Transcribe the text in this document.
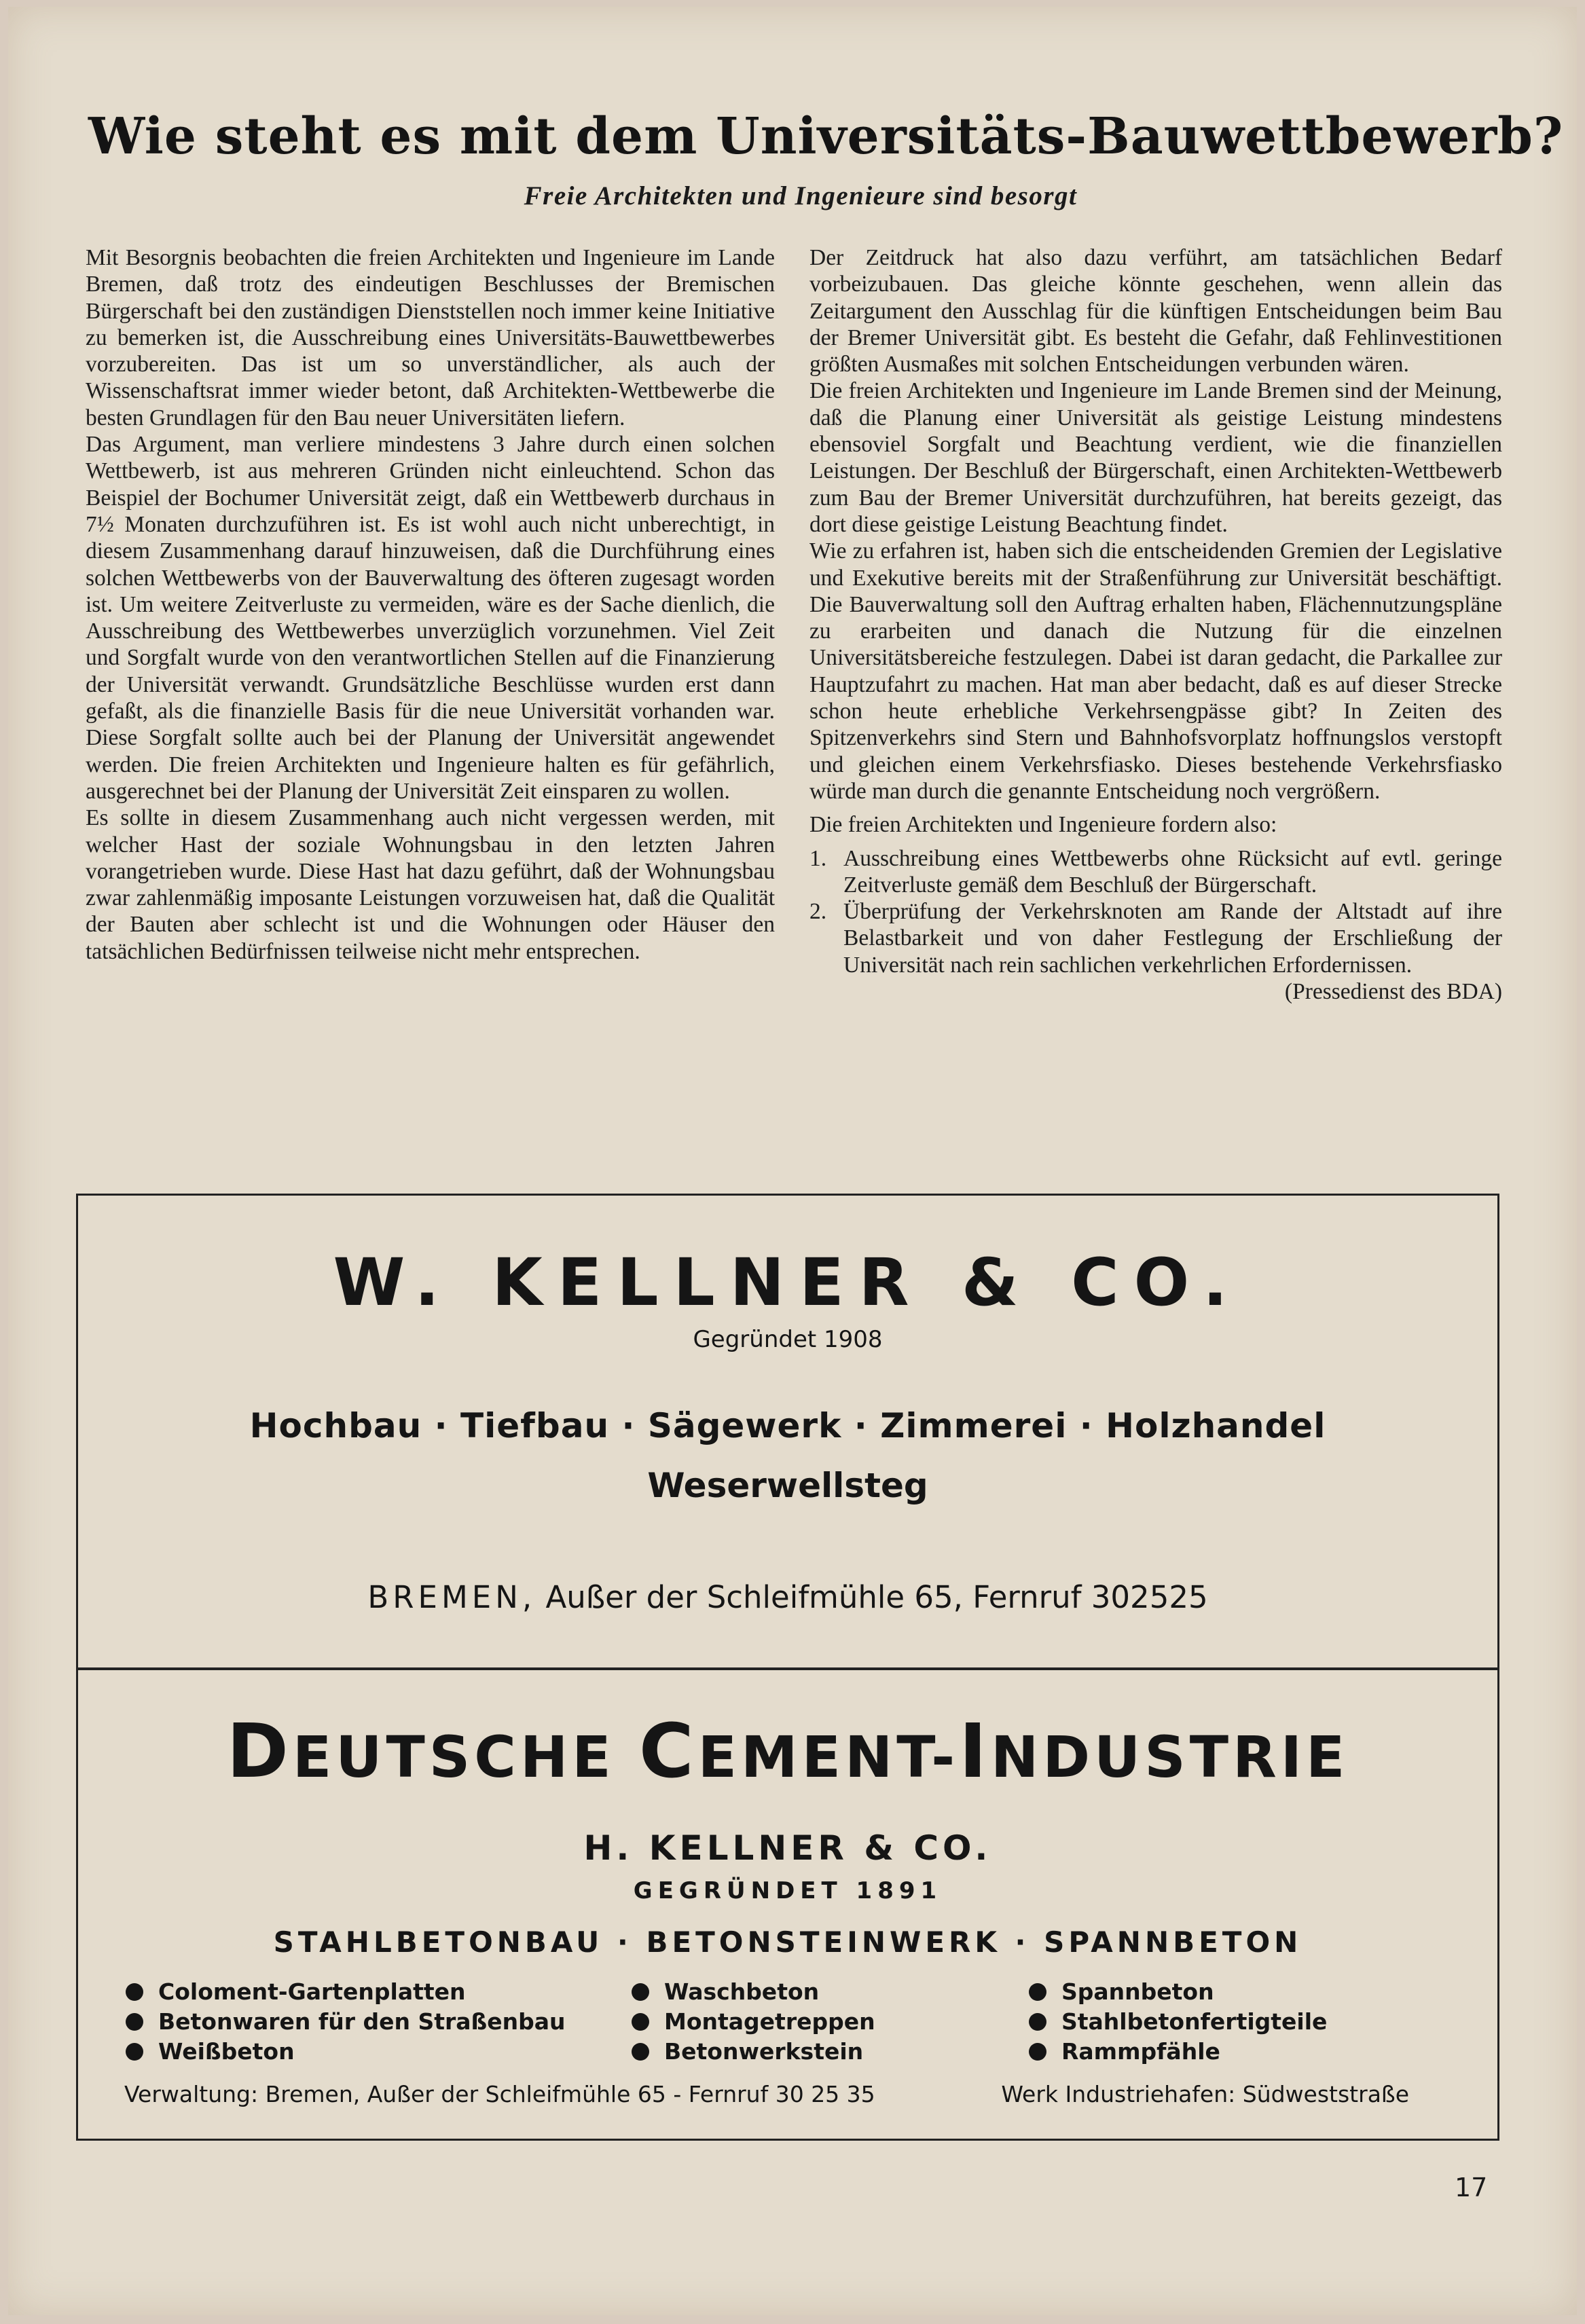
Wie steht es mit dem Universitäts-Bauwettbewerb?
Freie Architekten und Ingenieure sind besorgt

Mit Besorgnis beobachten die freien Architekten und Ingenieure im Lande Bremen, daß trotz des eindeutigen Beschlusses der Bremischen Bürgerschaft bei den zuständigen Dienststellen noch immer keine Initiative zu bemerken ist, die Ausschreibung eines Universitäts-Bauwettbewerbes vorzubereiten. Das ist um so unverständlicher, als auch der Wissenschaftsrat immer wieder betont, daß Architekten-Wettbewerbe die besten Grundlagen für den Bau neuer Universitäten liefern.

Das Argument, man verliere mindestens 3 Jahre durch einen solchen Wettbewerb, ist aus mehreren Gründen nicht einleuchtend. Schon das Beispiel der Bochumer Universität zeigt, daß ein Wettbewerb durchaus in 7½ Monaten durchzuführen ist. Es ist wohl auch nicht unberechtigt, in diesem Zusammenhang darauf hinzuweisen, daß die Durchführung eines solchen Wettbewerbs von der Bauverwaltung des öfteren zugesagt worden ist. Um weitere Zeitverluste zu vermeiden, wäre es der Sache dienlich, die Ausschreibung des Wettbewerbes unverzüglich vorzunehmen. Viel Zeit und Sorgfalt wurde von den verantwortlichen Stellen auf die Finanzierung der Universität verwandt. Grundsätzliche Beschlüsse wurden erst dann gefaßt, als die finanzielle Basis für die neue Universität vorhanden war. Diese Sorgfalt sollte auch bei der Planung der Universität angewendet werden. Die freien Architekten und Ingenieure halten es für gefährlich, ausgerechnet bei der Planung der Universität Zeit einsparen zu wollen.

Es sollte in diesem Zusammenhang auch nicht vergessen werden, mit welcher Hast der soziale Wohnungsbau in den letzten Jahren vorangetrieben wurde. Diese Hast hat dazu geführt, daß der Wohnungsbau zwar zahlenmäßig imposante Leistungen vorzuweisen hat, daß die Qualität der Bauten aber schlecht ist und die Wohnungen oder Häuser den tatsächlichen Bedürfnissen teilweise nicht mehr entsprechen.

Der Zeitdruck hat also dazu verführt, am tatsächlichen Bedarf vorbeizubauen. Das gleiche könnte geschehen, wenn allein das Zeitargument den Ausschlag für die künftigen Entscheidungen beim Bau der Bremer Universität gibt. Es besteht die Gefahr, daß Fehlinvestitionen größten Ausmaßes mit solchen Entscheidungen verbunden wären.

Die freien Architekten und Ingenieure im Lande Bremen sind der Meinung, daß die Planung einer Universität als geistige Leistung mindestens ebensoviel Sorgfalt und Beachtung verdient, wie die finanziellen Leistungen. Der Beschluß der Bürgerschaft, einen Architekten-Wettbewerb zum Bau der Bremer Universität durchzuführen, hat bereits gezeigt, das dort diese geistige Leistung Beachtung findet.

Wie zu erfahren ist, haben sich die entscheidenden Gremien der Legislative und Exekutive bereits mit der Straßenführung zur Universität beschäftigt. Die Bauverwaltung soll den Auftrag erhalten haben, Flächennutzungspläne zu erarbeiten und danach die Nutzung für die einzelnen Universitätsbereiche festzulegen. Dabei ist daran gedacht, die Parkallee zur Hauptzufahrt zu machen. Hat man aber bedacht, daß es auf dieser Strecke schon heute erhebliche Verkehrsengpässe gibt? In Zeiten des Spitzenverkehrs sind Stern und Bahnhofsvorplatz hoffnungslos verstopft und gleichen einem Verkehrsfiasko. Dieses bestehende Verkehrsfiasko würde man durch die genannte Entscheidung noch vergrößern.

Die freien Architekten und Ingenieure fordern also:

1. Ausschreibung eines Wettbewerbs ohne Rücksicht auf evtl. geringe Zeitverluste gemäß dem Beschluß der Bürgerschaft.
2. Überprüfung der Verkehrsknoten am Rande der Altstadt auf ihre Belastbarkeit und von daher Festlegung der Erschließung der Universität nach rein sachlichen verkehrlichen Erfordernissen.

(Pressedienst des BDA)

W. KELLNER & CO.
Gegründet 1908
Hochbau · Tiefbau · Sägewerk · Zimmerei · Holzhandel
Weserwellsteg
BREMEN, Außer der Schleifmühle 65, Fernruf 302525
DEUTSCHE CEMENT-INDUSTRIE
H. KELLNER & CO.
GEGRÜNDET 1891
STAHLBETONBAU · BETONSTEINWERK · SPANNBETON
Coloment-Gartenplatten
Betonwaren für den Straßenbau
Weißbeton
Waschbeton
Montagetreppen
Betonwerkstein
Spannbeton
Stahlbetonfertigteile
Rammpfähle
Verwaltung: Bremen, Außer der Schleifmühle 65 - Fernruf 30 25 35	Werk Industriehafen: Südweststraße
17
